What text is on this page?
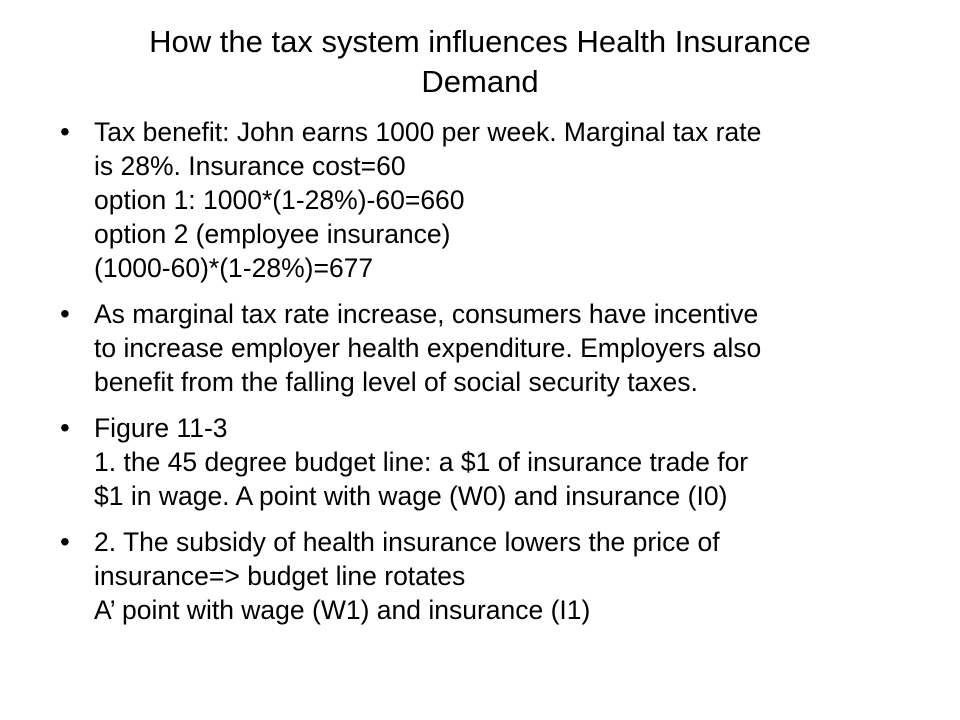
How the tax system influences Health Insurance
Demand
• Tax benefit: John earns 1000 per week. Marginal tax rate
is 28%. Insurance cost=60
option 1: 1000*(1-28%)-60=660
option 2 (employee insurance)
(1000-60)*(1-28%)=677
• As marginal tax rate increase, consumers have incentive
to increase employer health expenditure. Employers also
benefit from the falling level of social security taxes.
• Figure 11-3
1. the 45 degree budget line: a $1 of insurance trade for
$1 in wage. A point with wage (W0) and insurance (I0)
• 2. The subsidy of health insurance lowers the price of
insurance=> budget line rotates
A’ point with wage (W1) and insurance (I1)
